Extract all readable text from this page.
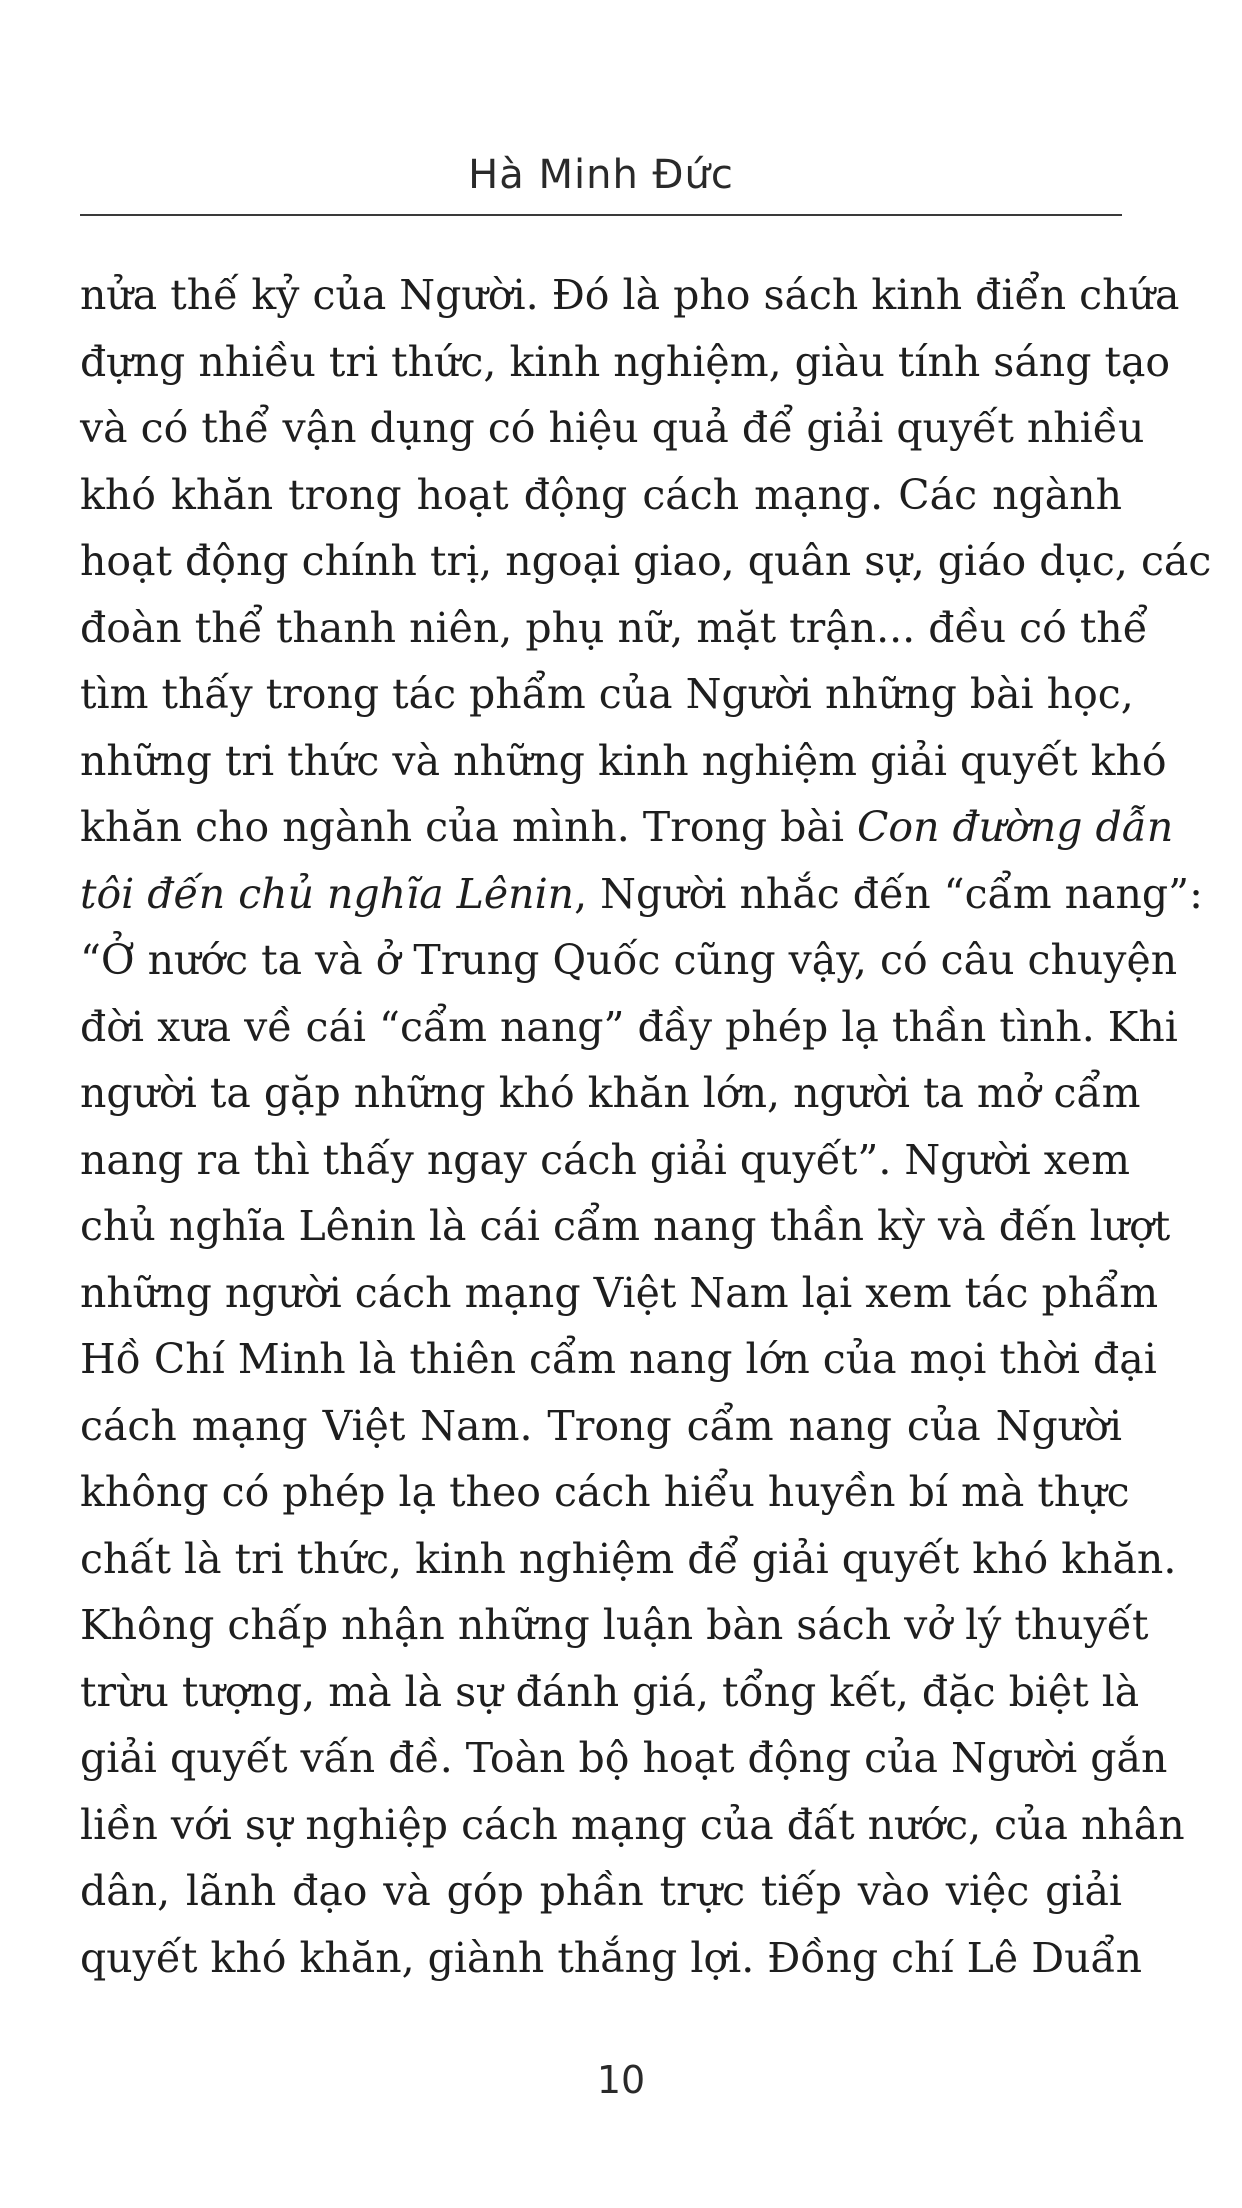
Hà Minh Đức
nửa thế kỷ của Người. Đó là pho sách kinh điển chứa
đựng nhiều tri thức, kinh nghiệm, giàu tính sáng tạo
và có thể vận dụng có hiệu quả để giải quyết nhiều
khó khăn trong hoạt động cách mạng. Các ngành
hoạt động chính trị, ngoại giao, quân sự, giáo dục, các
đoàn thể thanh niên, phụ nữ, mặt trận... đều có thể
tìm thấy trong tác phẩm của Người những bài học,
những tri thức và những kinh nghiệm giải quyết khó
khăn cho ngành của mình. Trong bài Con đường dẫn
tôi đến chủ nghĩa Lênin, Người nhắc đến “cẩm nang”:
“Ở nước ta và ở Trung Quốc cũng vậy, có câu chuyện
đời xưa về cái “cẩm nang” đầy phép lạ thần tình. Khi
người ta gặp những khó khăn lớn, người ta mở cẩm
nang ra thì thấy ngay cách giải quyết”. Người xem
chủ nghĩa Lênin là cái cẩm nang thần kỳ và đến lượt
những người cách mạng Việt Nam lại xem tác phẩm
Hồ Chí Minh là thiên cẩm nang lớn của mọi thời đại
cách mạng Việt Nam. Trong cẩm nang của Người
không có phép lạ theo cách hiểu huyền bí mà thực
chất là tri thức, kinh nghiệm để giải quyết khó khăn.
Không chấp nhận những luận bàn sách vở lý thuyết
trừu tượng, mà là sự đánh giá, tổng kết, đặc biệt là
giải quyết vấn đề. Toàn bộ hoạt động của Người gắn
liền với sự nghiệp cách mạng của đất nước, của nhân
dân, lãnh đạo và góp phần trực tiếp vào việc giải
quyết khó khăn, giành thắng lợi. Đồng chí Lê Duẩn
10
